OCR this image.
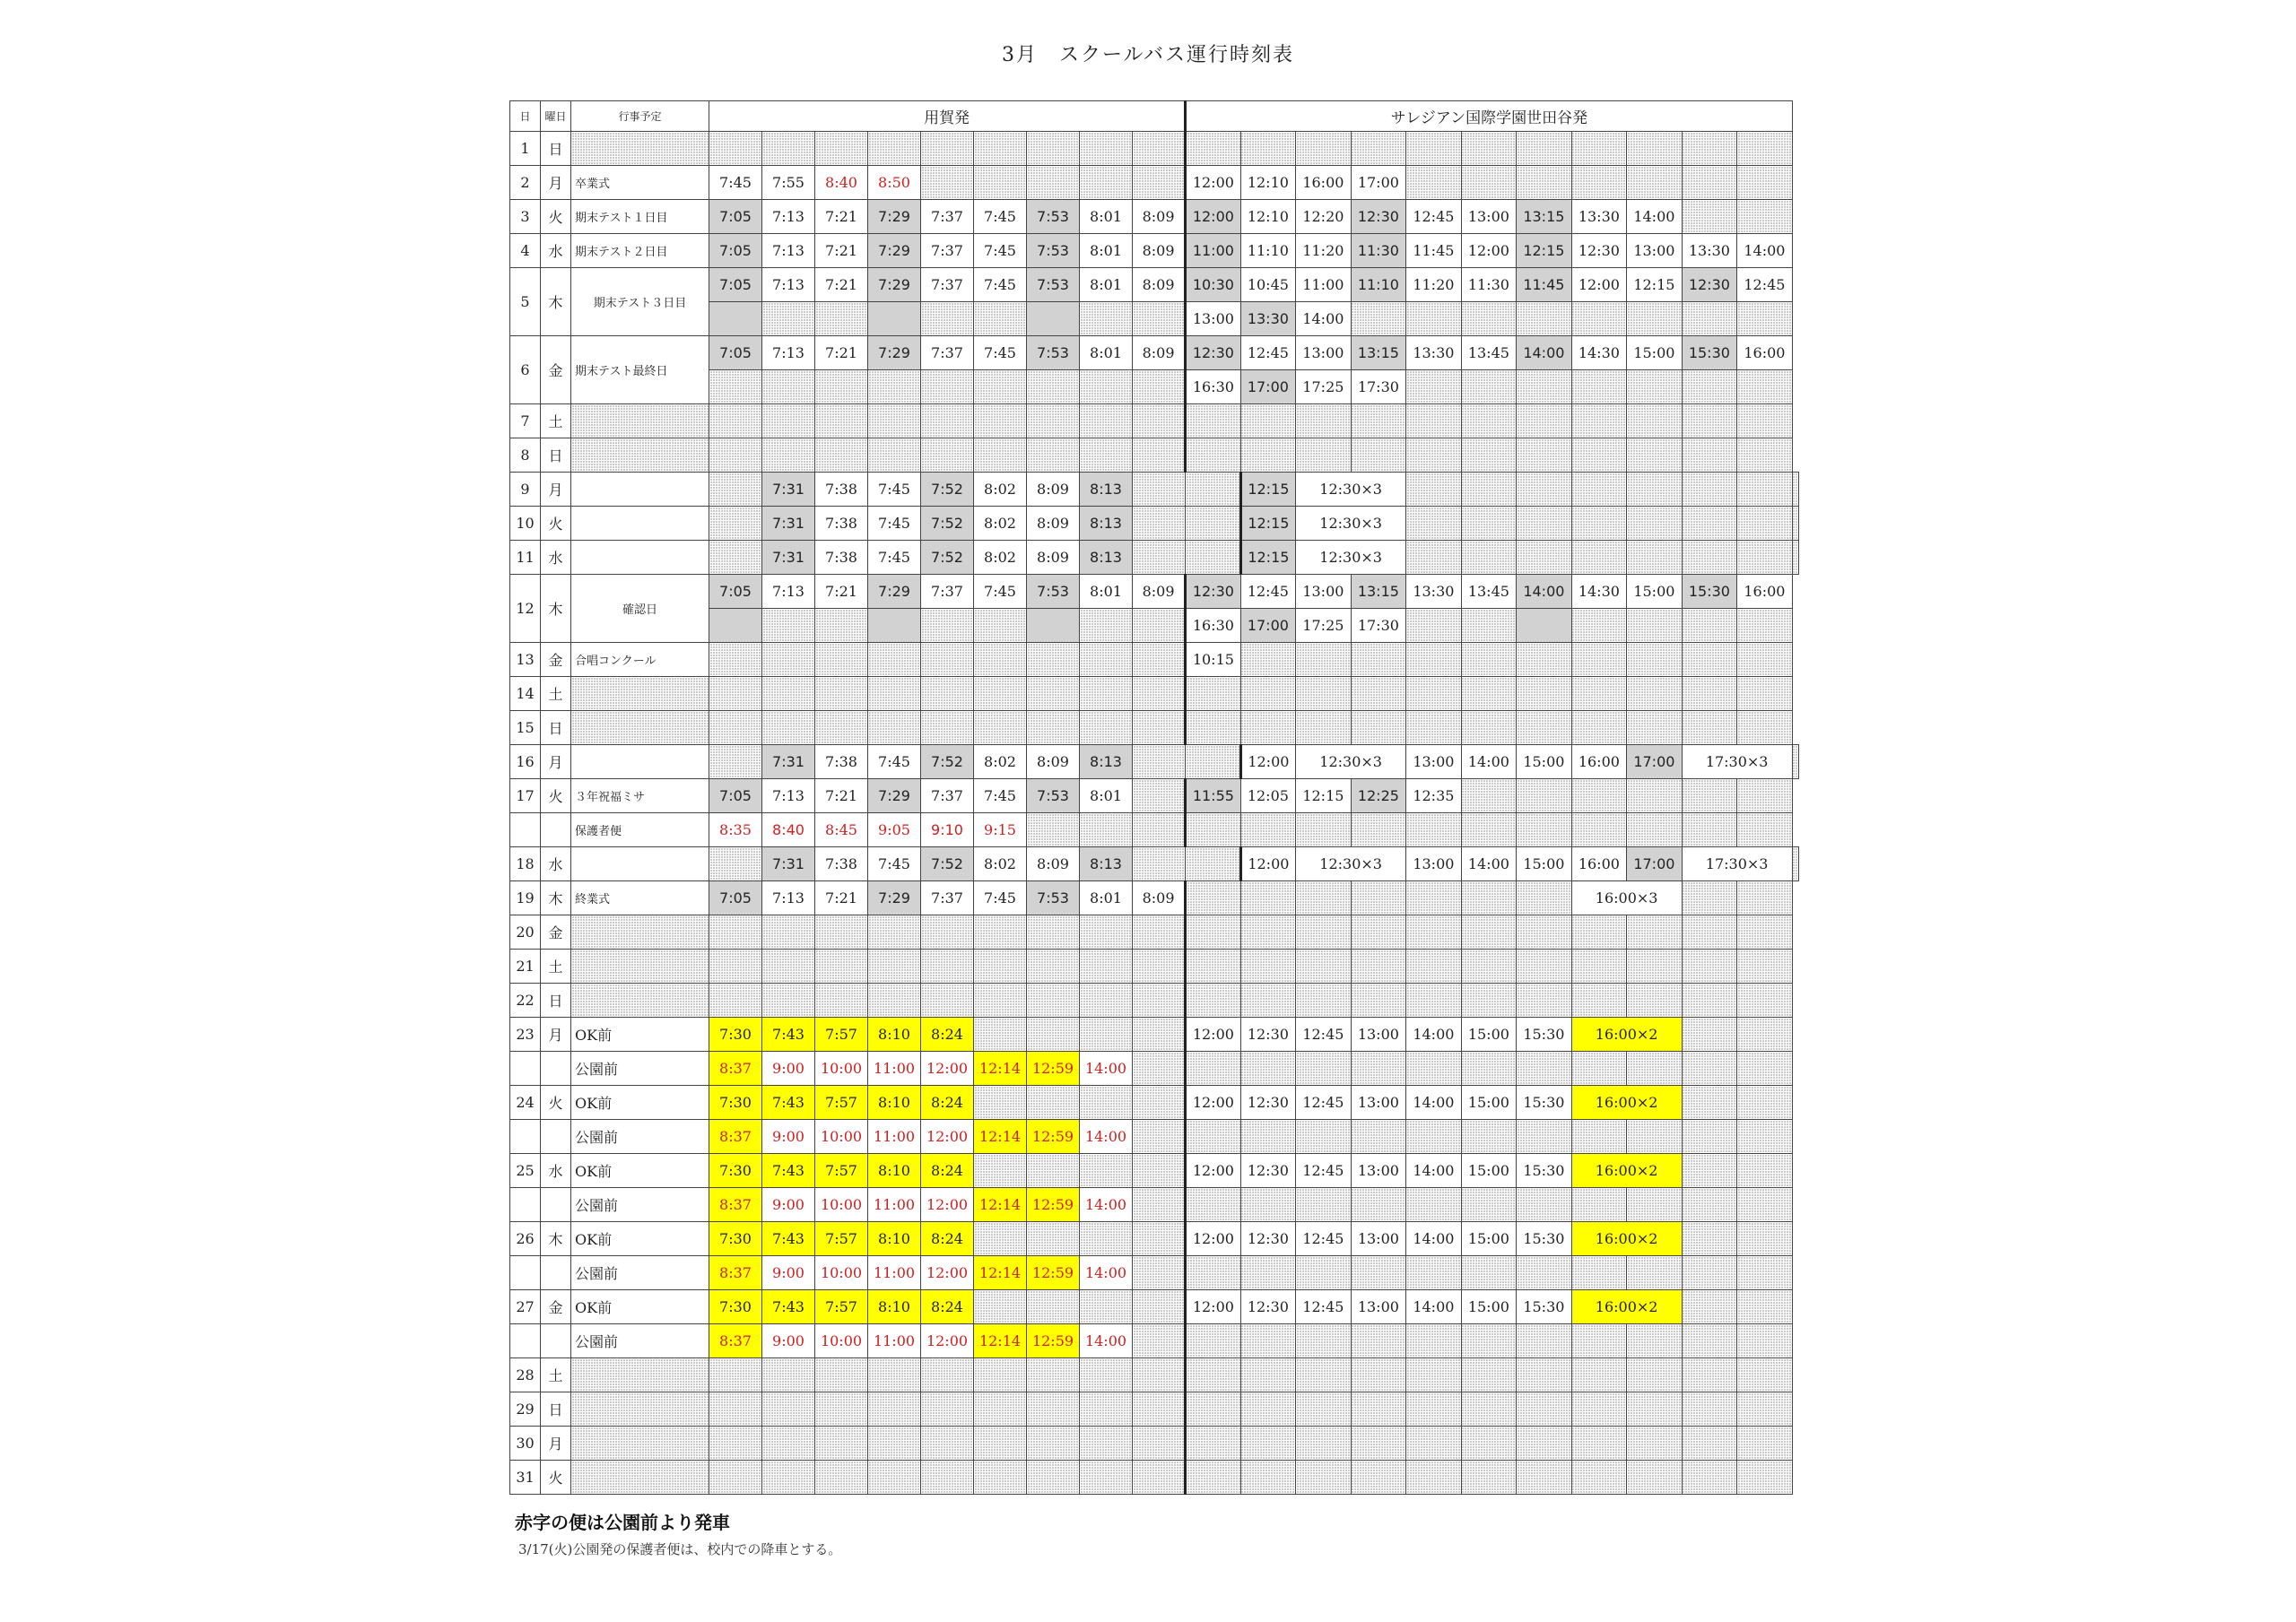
3月　スクールバス運行時刻表
日	曜日	行事予定	用賀発									サレジアン国際学園世田谷発											
1	日																						
2	月	卒業式	7:45	7:55	8:40	8:50						12:00	12:10	16:00	17:00								
3	火	期末テスト１日目	7:05	7:13	7:21	7:29	7:37	7:45	7:53	8:01	8:09	12:00	12:10	12:20	12:30	12:45	13:00	13:15	13:30	14:00			
4	水	期末テスト２日目	7:05	7:13	7:21	7:29	7:37	7:45	7:53	8:01	8:09	11:00	11:10	11:20	11:30	11:45	12:00	12:15	12:30	13:00	13:30	14:00	
5	木	期末テスト３日目	7:05	7:13	7:21	7:29	7:37	7:45	7:53	8:01	8:09	10:30	10:45	11:00	11:10	11:20	11:30	11:45	12:00	12:15	12:30	12:45	
												13:00	13:30	14:00									
6	金	期末テスト最終日	7:05	7:13	7:21	7:29	7:37	7:45	7:53	8:01	8:09	12:30	12:45	13:00	13:15	13:30	13:45	14:00	14:30	15:00	15:30	16:00	
												16:30	17:00	17:25	17:30								
7	土																						
8	日																						
9	月			7:31	7:38	7:45	7:52	8:02	8:09	8:13			12:15	12:30×3									
10	火			7:31	7:38	7:45	7:52	8:02	8:09	8:13			12:15	12:30×3									
11	水			7:31	7:38	7:45	7:52	8:02	8:09	8:13			12:15	12:30×3									
12	木	確認日	7:05	7:13	7:21	7:29	7:37	7:45	7:53	8:01	8:09	12:30	12:45	13:00	13:15	13:30	13:45	14:00	14:30	15:00	15:30	16:00	
												16:30	17:00	17:25	17:30								
13	金	合唱コンクール										10:15											
14	土																						
15	日																						
16	月			7:31	7:38	7:45	7:52	8:02	8:09	8:13			12:00	12:30×3		13:00	14:00	15:00	16:00	17:00	17:30×3		
17	火	３年祝福ミサ	7:05	7:13	7:21	7:29	7:37	7:45	7:53	8:01		11:55	12:05	12:15	12:25	12:35							
		保護者便	8:35	8:40	8:45	9:05	9:10	9:15															
18	水			7:31	7:38	7:45	7:52	8:02	8:09	8:13			12:00	12:30×3		13:00	14:00	15:00	16:00	17:00	17:30×3		
19	木	終業式	7:05	7:13	7:21	7:29	7:37	7:45	7:53	8:01	8:09								16:00×3				
20	金																						
21	土																						
22	日																						
23	月	OK前	7:30	7:43	7:57	8:10	8:24					12:00	12:30	12:45	13:00	14:00	15:00	15:30	16:00×2				
		公園前	8:37	9:00	10:00	11:00	12:00	12:14	12:59	14:00													
24	火	OK前	7:30	7:43	7:57	8:10	8:24					12:00	12:30	12:45	13:00	14:00	15:00	15:30	16:00×2				
		公園前	8:37	9:00	10:00	11:00	12:00	12:14	12:59	14:00													
25	水	OK前	7:30	7:43	7:57	8:10	8:24					12:00	12:30	12:45	13:00	14:00	15:00	15:30	16:00×2				
		公園前	8:37	9:00	10:00	11:00	12:00	12:14	12:59	14:00													
26	木	OK前	7:30	7:43	7:57	8:10	8:24					12:00	12:30	12:45	13:00	14:00	15:00	15:30	16:00×2				
		公園前	8:37	9:00	10:00	11:00	12:00	12:14	12:59	14:00													
27	金	OK前	7:30	7:43	7:57	8:10	8:24					12:00	12:30	12:45	13:00	14:00	15:00	15:30	16:00×2				
		公園前	8:37	9:00	10:00	11:00	12:00	12:14	12:59	14:00													
28	土																						
29	日																						
30	月																						
31	火																						
赤字の便は公園前より発車
3/17(火)公園発の保護者便は、校内での降車とする。
